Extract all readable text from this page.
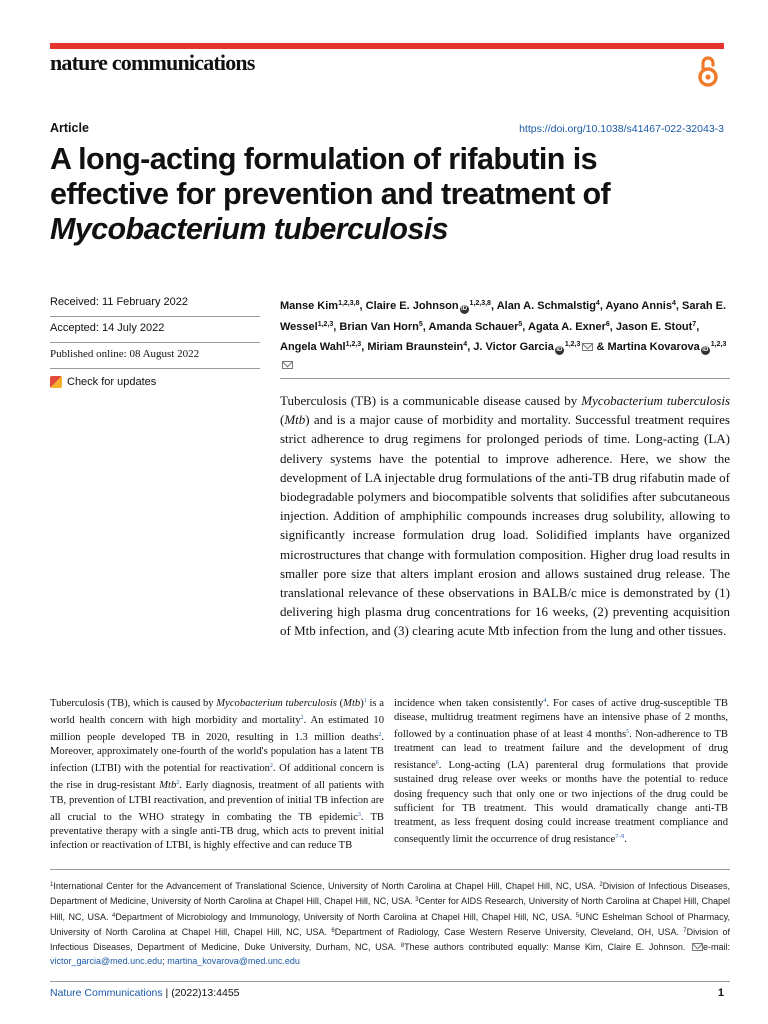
nature communications
Article	https://doi.org/10.1038/s41467-022-32043-3
A long-acting formulation of rifabutin is
effective for prevention and treatment of
Mycobacterium tuberculosis
Received: 11 February 2022
Accepted: 14 July 2022
Published online: 08 August 2022
Check for updates
Manse Kim$^{1,2,3,8}$, Claire E. Johnson iD$^{1,2,3,8}$, Alan A. Schmalstig$^4$, Ayano Annis$^4$, Sarah E. Wessel$^{1,2,3}$, Brian Van Horn$^5$, Amanda Schauer$^5$, Agata A. Exner$^6$, Jason E. Stout$^7$, Angela Wahl$^{1,2,3}$, Miriam Braunstein$^4$, J. Victor Garcia iD$^{1,2,3}$ & Martina Kovarova iD$^{1,2,3}$
Tuberculosis (TB) is a communicable disease caused by Mycobacterium tuberculosis (Mtb) and is a major cause of morbidity and mortality. Successful treatment requires strict adherence to drug regimens for prolonged periods of time. Long-acting (LA) delivery systems have the potential to improve adherence. Here, we show the development of LA injectable drug formulations of the anti-TB drug rifabutin made of biodegradable polymers and biocompatible solvents that solidifies after subcutaneous injection. Addition of amphiphilic compounds increases drug solubility, allowing to significantly increase formulation drug load. Solidified implants have organized microstructures that change with formulation composition. Higher drug load results in smaller pore size that alters implant erosion and allows sustained drug release. The translational relevance of these observations in BALB/c mice is demonstrated by (1) delivering high plasma drug concentrations for 16 weeks, (2) preventing acquisition of Mtb infection, and (3) clearing acute Mtb infection from the lung and other tissues.
Tuberculosis (TB), which is caused by Mycobacterium tuberculosis (Mtb)$^1$ is a world health concern with high morbidity and mortality$^2$. An estimated 10 million people developed TB in 2020, resulting in 1.3 million deaths$^2$. Moreover, approximately one-fourth of the world's population has a latent TB infection (LTBI) with the potential for reactivation$^2$. Of additional concern is the rise in drug-resistant Mtb$^2$. Early diagnosis, treatment of all patients with TB, prevention of LTBI reactivation, and prevention of initial TB infection are all crucial to the WHO strategy in combating the TB epidemic$^3$. TB preventative therapy with a single anti-TB drug, which acts to prevent initial infection or reactivation of LTBI, is highly effective and can reduce TB
incidence when taken consistently$^4$. For cases of active drug-susceptible TB disease, multidrug treatment regimens have an intensive phase of 2 months, followed by a continuation phase of at least 4 months$^5$. Non-adherence to TB treatment can lead to treatment failure and the development of drug resistance$^6$. Long-acting (LA) parenteral drug formulations that provide sustained drug release over weeks or months have the potential to reduce dosing frequency such that only one or two injections of the drug could be sufficient for TB treatment. This would dramatically change anti-TB treatment, as less frequent dosing could increase treatment compliance and consequently limit the occurrence of drug resistance$^{7-9}$.
$^1$International Center for the Advancement of Translational Science, University of North Carolina at Chapel Hill, Chapel Hill, NC, USA. $^2$Division of Infectious Diseases, Department of Medicine, University of North Carolina at Chapel Hill, Chapel Hill, NC, USA. $^3$Center for AIDS Research, University of North Carolina at Chapel Hill, Chapel Hill, NC, USA. $^4$Department of Microbiology and Immunology, University of North Carolina at Chapel Hill, Chapel Hill, NC, USA. $^5$UNC Eshelman School of Pharmacy, University of North Carolina at Chapel Hill, Chapel Hill, NC, USA. $^6$Department of Radiology, Case Western Reserve University, Cleveland, OH, USA. $^7$Division of Infectious Diseases, Department of Medicine, Duke University, Durham, NC, USA. $^8$These authors contributed equally: Manse Kim, Claire E. Johnson. e-mail: victor_garcia@med.unc.edu; martina_kovarova@med.unc.edu
Nature Communications | (2022)13:4455	1
